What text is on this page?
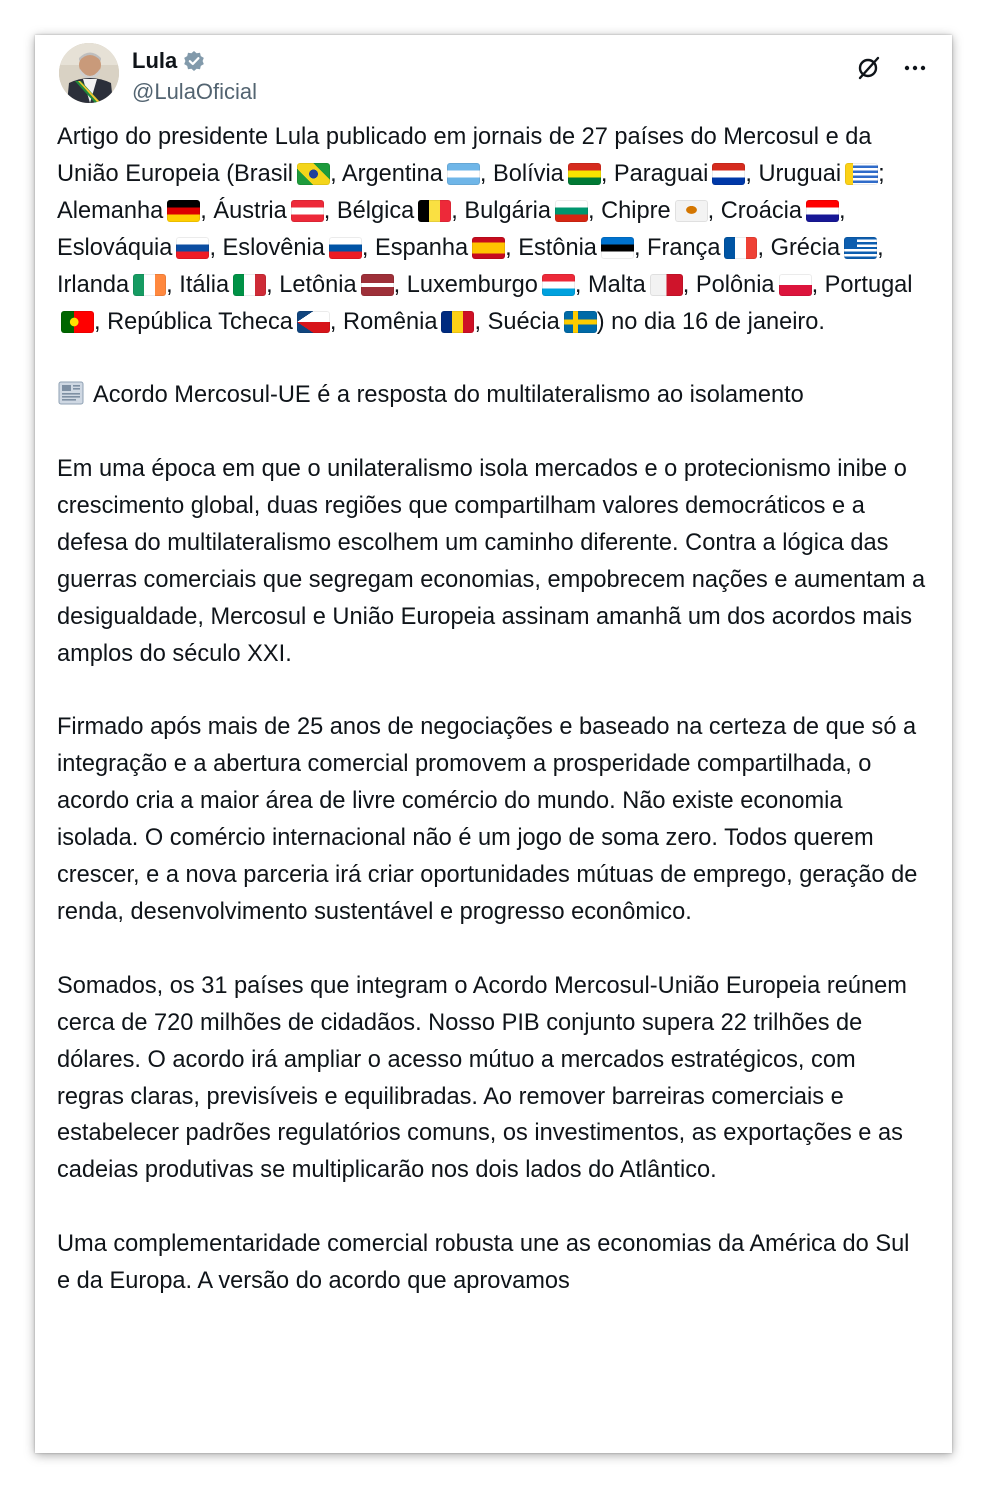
Lula
@LulaOficial

Artigo do presidente Lula publicado em jornais de 27 países do Mercosul e da União Europeia (Brasil , Argentina , Bolívia , Paraguai , Uruguai ; Alemanha , Áustria , Bélgica , Bulgária , Chipre , Croácia , Eslováquia , Eslovênia , Espanha , Estônia , França , Grécia , Irlanda , Itália , Letônia , Luxemburgo , Malta , Polônia , Portugal, República Tcheca , Romênia , Suécia ) no dia 16 de janeiro.

Acordo Mercosul-UE é a resposta do multilateralismo ao isolamento

Em uma época em que o unilateralismo isola mercados e o protecionismo inibe o crescimento global, duas regiões que compartilham valores democráticos e a defesa do multilateralismo escolhem um caminho diferente. Contra a lógica das guerras comerciais que segregam economias, empobrecem nações e aumentam a desigualdade, Mercosul e União Europeia assinam amanhã um dos acordos mais amplos do século XXI.

Firmado após mais de 25 anos de negociações e baseado na certeza de que só a integração e a abertura comercial promovem a prosperidade compartilhada, o acordo cria a maior área de livre comércio do mundo. Não existe economia isolada. O comércio internacional não é um jogo de soma zero. Todos querem crescer, e a nova parceria irá criar oportunidades mútuas de emprego, geração de renda, desenvolvimento sustentável e progresso econômico.

Somados, os 31 países que integram o Acordo Mercosul-União Europeia reúnem cerca de 720 milhões de cidadãos. Nosso PIB conjunto supera 22 trilhões de dólares. O acordo irá ampliar o acesso mútuo a mercados estratégicos, com regras claras, previsíveis e equilibradas. Ao remover barreiras comerciais e estabelecer padrões regulatórios comuns, os investimentos, as exportações e as cadeias produtivas se multiplicarão nos dois lados do Atlântico.

Uma complementaridade comercial robusta une as economias da América do Sul e da Europa. A versão do acordo que aprovamos
